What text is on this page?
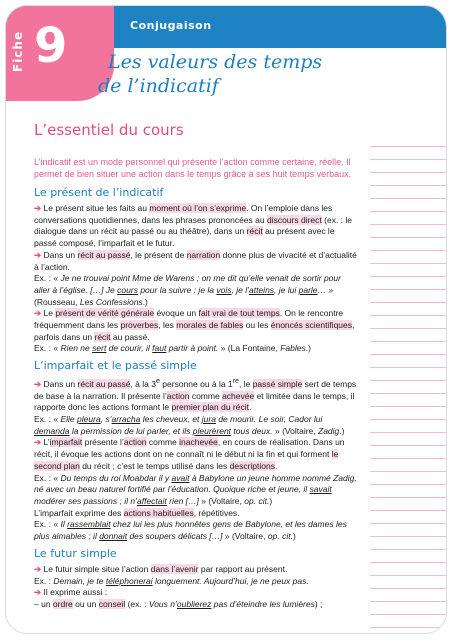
Conjugaison
Fiche 9	Les valeurs des temps
de l’indicatif
L’essentiel du cours
L’indicatif est un mode personnel qui présente l’action comme certaine, réelle. Il permet de bien situer une action dans le temps grâce à ses huit temps verbaux.
Le présent de l’indicatif

➔ Le présent situe les faits au moment où l’on s’exprime. On l’emploie dans les conversations quotidiennes, dans les phrases prononcées au discours direct (ex. : le dialogue dans un récit au passé ou au théâtre), dans un récit au présent avec le passé composé, l’imparfait et le futur.

➔ Dans un récit au passé, le présent de narration donne plus de vivacité et d’actualité à l’action.

Ex. : « Je ne trouvai point Mme de Warens ; on me dit qu’elle venait de sortir pour aller à l’église. […] Je cours pour la suivre : je la vois, je l’atteins, je lui parle… » (Rousseau, Les Confessions.)

➔ Le présent de vérité générale évoque un fait vrai de tout temps. On le rencontre fréquemment dans les proverbes, les morales de fables ou les énoncés scientifiques, parfois dans un récit au passé.

Ex. : « Rien ne sert de courir, il faut partir à point. » (La Fontaine, Fables.)

L’imparfait et le passé simple

➔ Dans un récit au passé, à la 3e personne ou à la 1re, le passé simple sert de temps de base à la narration. Il présente l’action comme achevée et limitée dans le temps, il rapporte donc les actions formant le premier plan du récit.

Ex. : « Elle pleura, s’arracha les cheveux, et jura de mourir. Le soir, Cador lui demanda la permission de lui parler, et ils pleurèrent tous deux. » (Voltaire, Zadig.)

➔ L’imparfait présente l’action comme inachevée, en cours de réalisation. Dans un récit, il évoque les actions dont on ne connaît ni le début ni la fin et qui forment le second plan du récit ; c’est le temps utilisé dans les descriptions.

Ex. : « Du temps du roi Moabdar il y avait à Babylone un jeune homme nommé Zadig, né avec un beau naturel fortifié par l’éducation. Quoique riche et jeune, il savait modérer ses passions ; il n’affectait rien […] » (Voltaire, op. cit.)

L’imparfait exprime des actions habituelles, répétitives.

Ex. : « Il rassemblait chez lui les plus honnêtes gens de Babylone, et les dames les plus aimables ; il donnait des soupers délicats […] » (Voltaire, op. cit.)

Le futur simple

➔ Le futur simple situe l’action dans l’avenir par rapport au présent.

Ex. : Demain, je te téléphonerai longuement. Aujourd’hui, je ne peux pas.

➔ Il exprime aussi :

– un ordre ou un conseil (ex. : Vous n’oublierez pas d’éteindre les lumières) ;
